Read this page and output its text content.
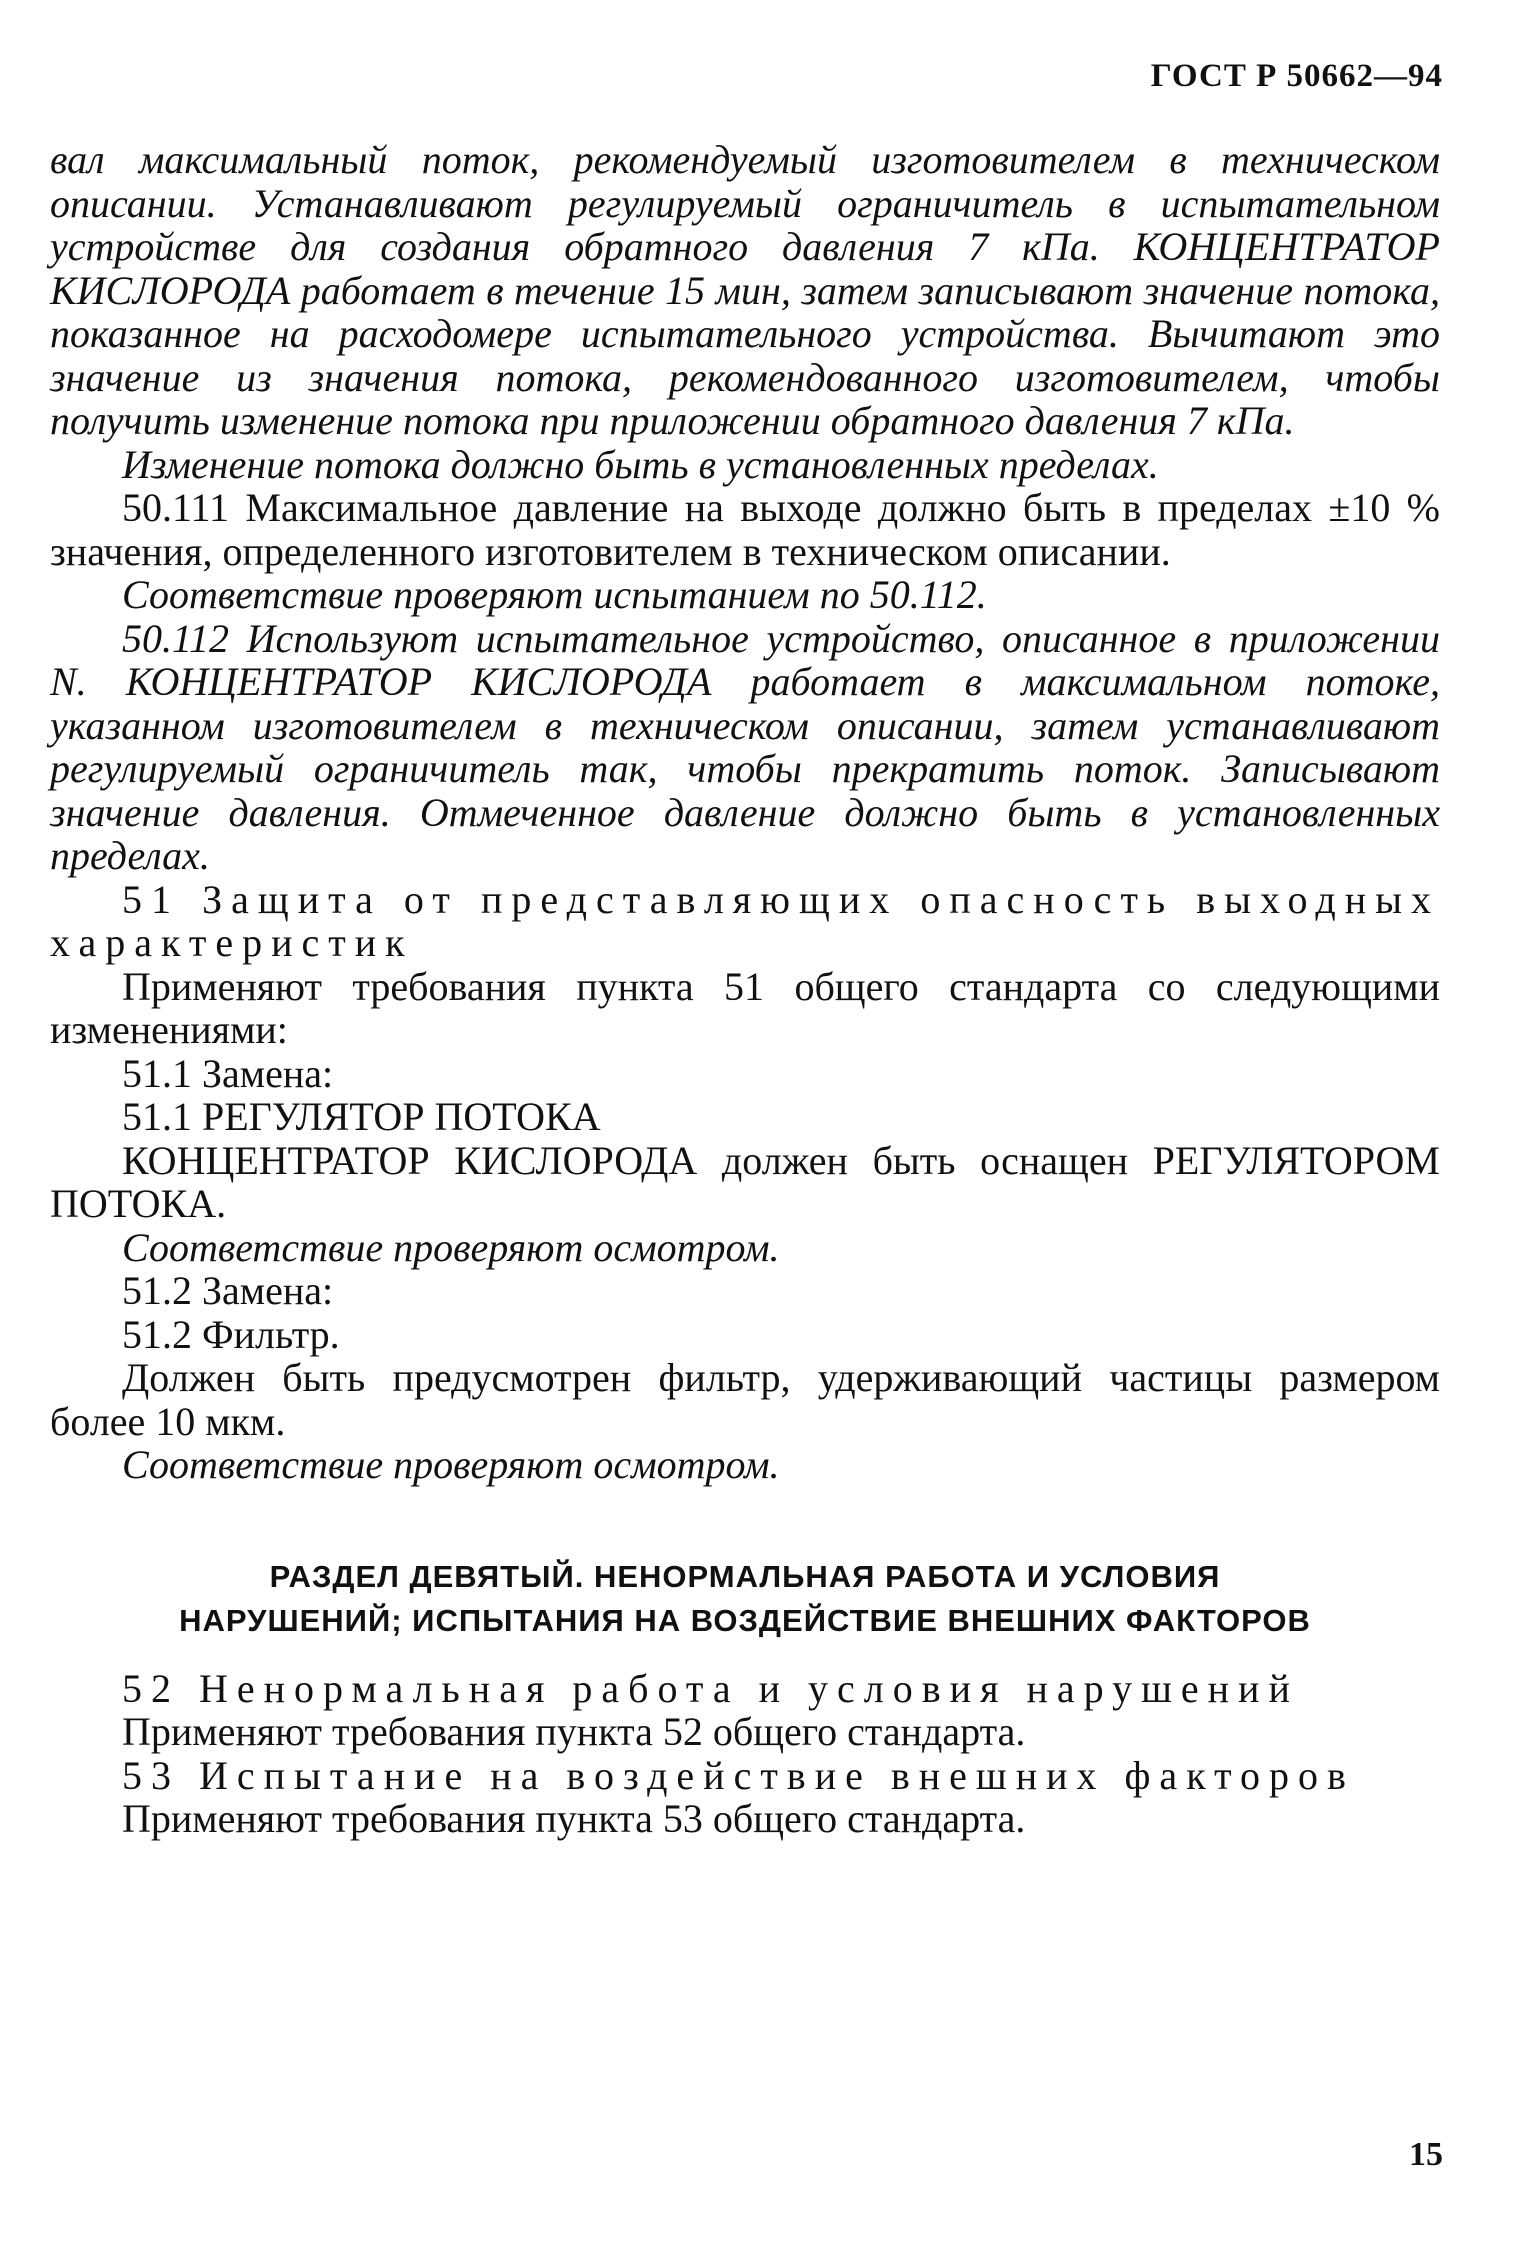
ГОСТ Р 50662—94

вал максимальный поток, рекомендуемый изготовителем в техническом описании. Устанавливают регулируемый ограничитель в испытательном устройстве для создания обратного давления 7 кПа. КОНЦЕНТРАТОР КИСЛОРОДА работает в течение 15 мин, затем записывают значение потока, показанное на расходомере испытательного устройства. Вычитают это значение из значения потока, рекомендованного изготовителем, чтобы получить изменение потока при приложении обратного давления 7 кПа.

Изменение потока должно быть в установленных пределах.

50.111 Максимальное давление на выходе должно быть в пределах ±10 % значения, определенного изготовителем в техническом описании.

Соответствие проверяют испытанием по 50.112.

50.112 Используют испытательное устройство, описанное в приложении N. КОНЦЕНТРАТОР КИСЛОРОДА работает в максимальном потоке, указанном изготовителем в техническом описании, затем устанавливают регулируемый ограничитель так, чтобы прекратить поток. Записывают значение давления. Отмеченное давление должно быть в установленных пределах.

51 Защита от представляющих опасность выходных характеристик

Применяют требования пункта 51 общего стандарта со следующими изменениями:

51.1 Замена:

51.1 РЕГУЛЯТОР ПОТОКА

КОНЦЕНТРАТОР КИСЛОРОДА должен быть оснащен РЕГУЛЯТОРОМ ПОТОКА.

Соответствие проверяют осмотром.

51.2 Замена:

51.2 Фильтр.

Должен быть предусмотрен фильтр, удерживающий частицы размером более 10 мкм.

Соответствие проверяют осмотром.

РАЗДЕЛ ДЕВЯТЫЙ. НЕНОРМАЛЬНАЯ РАБОТА И УСЛОВИЯ
НАРУШЕНИЙ; ИСПЫТАНИЯ НА ВОЗДЕЙСТВИЕ ВНЕШНИХ ФАКТОРОВ

52 Ненормальная работа и условия нарушений

Применяют требования пункта 52 общего стандарта.

53 Испытание на воздействие внешних факторов

Применяют требования пункта 53 общего стандарта.

15
